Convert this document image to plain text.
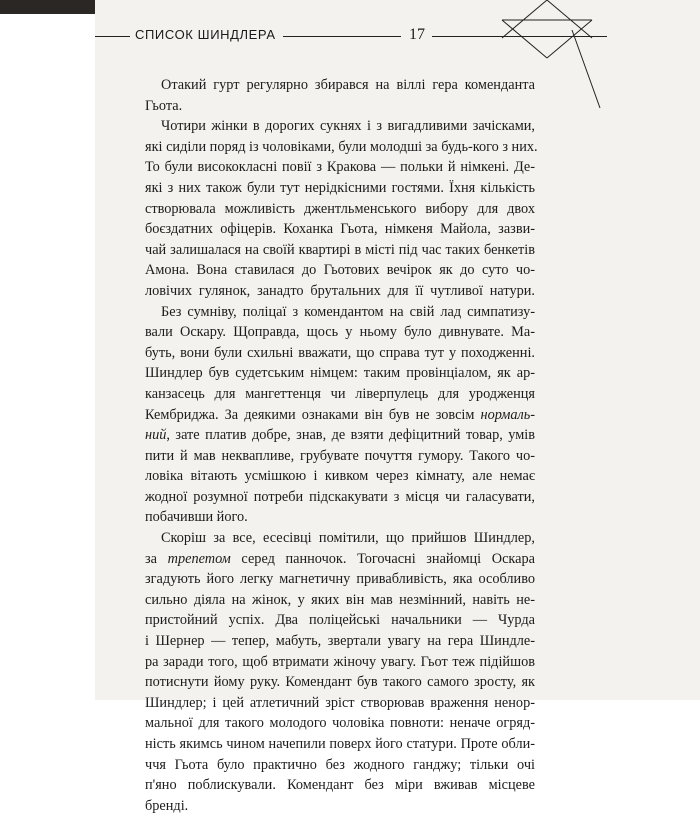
СПИСОК ШИНДЛЕРА	17
Отакий гурт регулярно збирався на віллі гера коменданта
Гьота.
Чотири жінки в дорогих сукнях і з вигадливими зачісками,
які сиділи поряд із чоловіками, були молодші за будь-кого з них.
То були висококласні повії з Кракова — польки й німкені. Де-
які з них також були тут нерідкісними гостями. Їхня кількість
створювала можливість джентльменського вибору для двох
боєздатних офіцерів. Коханка Гьота, німкеня Майола, зазви-
чай залишалася на своїй квартирі в місті під час таких бенкетів
Амона. Вона ставилася до Гьотових вечірок як до суто чо-
ловічих гулянок, занадто брутальних для її чутливої натури.
Без сумніву, поліцаї з комендантом на свій лад симпатизу-
вали Оскару. Щоправда, щось у ньому було дивнувате. Ма-
буть, вони були схильні вважати, що справа тут у походженні.
Шиндлер був судетським німцем: таким провінціалом, як ар-
канзасець для мангеттенця чи ліверпулець для уродженця
Кембриджа. За деякими ознаками він був не зовсім нормаль-
ний, зате платив добре, знав, де взяти дефіцитний товар, умів
пити й мав неквапливе, грубувате почуття гумору. Такого чо-
ловіка вітають усмішкою і кивком через кімнату, але немає
жодної розумної потреби підскакувати з місця чи галасувати,
побачивши його.
Скоріш за все, есесівці помітили, що прийшов Шиндлер,
за трепетом серед панночок. Тогочасні знайомці Оскара
згадують його легку магнетичну привабливість, яка особливо
сильно діяла на жінок, у яких він мав незмінний, навіть не-
пристойний успіх. Два поліцейські начальники — Чурда
і Шернер — тепер, мабуть, звертали увагу на гера Шиндле-
ра заради того, щоб втримати жіночу увагу. Гьот теж підійшов
потиснути йому руку. Комендант був такого самого зросту, як
Шиндлер; і цей атлетичний зріст створював враження ненор-
мальної для такого молодого чоловіка повноти: неначе огряд-
ність якимсь чином начепили поверх його статури. Проте обли-
ччя Гьота було практично без жодного ганджу; тільки очі
п'яно поблискували. Комендант без міри вживав місцеве
бренді.
